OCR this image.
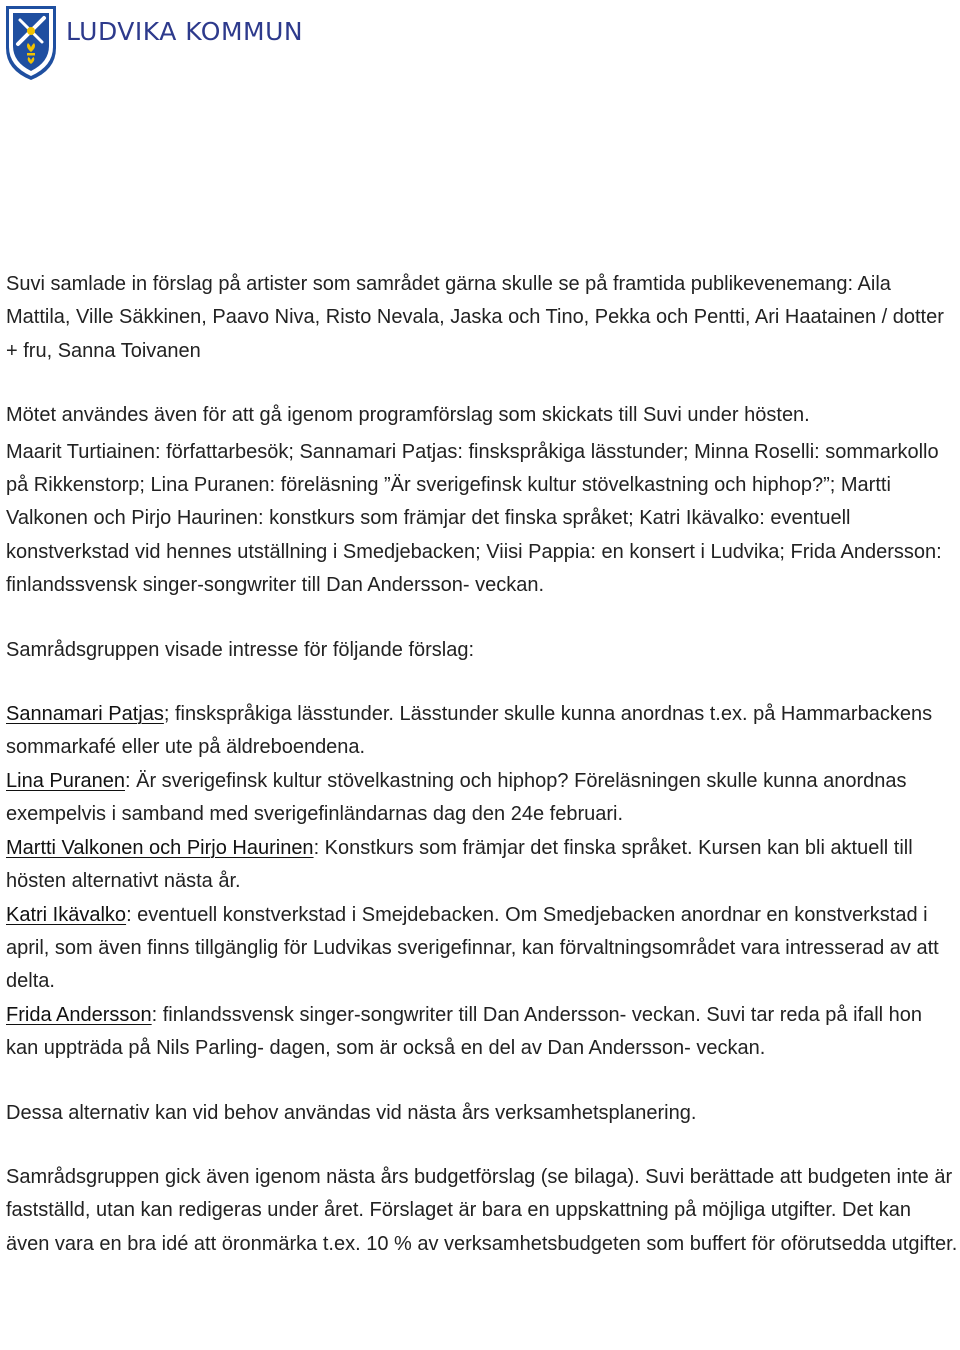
LUDVIKA KOMMUN

Suvi samlade in förslag på artister som samrådet gärna skulle se på framtida publikevenemang: Aila Mattila, Ville Säkkinen, Paavo Niva, Risto Nevala, Jaska och Tino, Pekka och Pentti, Ari Haatainen / dotter + fru, Sanna Toivanen

Mötet användes även för att gå igenom programförslag som skickats till Suvi under hösten.

Maarit Turtiainen: författarbesök; Sannamari Patjas: finskspråkiga lässtunder; Minna Roselli: sommarkollo på Rikkenstorp; Lina Puranen: föreläsning ”Är sverigefinsk kultur stövelkastning och hiphop?”; Martti Valkonen och Pirjo Haurinen: konstkurs som främjar det finska språket; Katri Ikävalko: eventuell konstverkstad vid hennes utställning i Smedjebacken; Viisi Pappia: en konsert i Ludvika; Frida Andersson: finlandssvensk singer-songwriter till Dan Andersson- veckan.

Samrådsgruppen visade intresse för följande förslag:

Sannamari Patjas; finskspråkiga lässtunder. Lässtunder skulle kunna anordnas t.ex. på Hammarbackens sommarkafé eller ute på äldreboendena.

Lina Puranen: Är sverigefinsk kultur stövelkastning och hiphop? Föreläsningen skulle kunna anordnas exempelvis i samband med sverigefinländarnas dag den 24e februari.

Martti Valkonen och Pirjo Haurinen: Konstkurs som främjar det finska språket. Kursen kan bli aktuell till hösten alternativt nästa år.

Katri Ikävalko: eventuell konstverkstad i Smejdebacken. Om Smedjebacken anordnar en konstverkstad i april, som även finns tillgänglig för Ludvikas sverigefinnar, kan förvaltningsområdet vara intresserad av att delta.

Frida Andersson: finlandssvensk singer-songwriter till Dan Andersson- veckan. Suvi tar reda på ifall hon kan uppträda på Nils Parling- dagen, som är också en del av Dan Andersson- veckan.

Dessa alternativ kan vid behov användas vid nästa års verksamhetsplanering.

Samrådsgruppen gick även igenom nästa års budgetförslag (se bilaga). Suvi berättade att budgeten inte är fastställd, utan kan redigeras under året. Förslaget är bara en uppskattning på möjliga utgifter. Det kan även vara en bra idé att öronmärka t.ex. 10 % av verksamhetsbudgeten som buffert för oförutsedda utgifter.
